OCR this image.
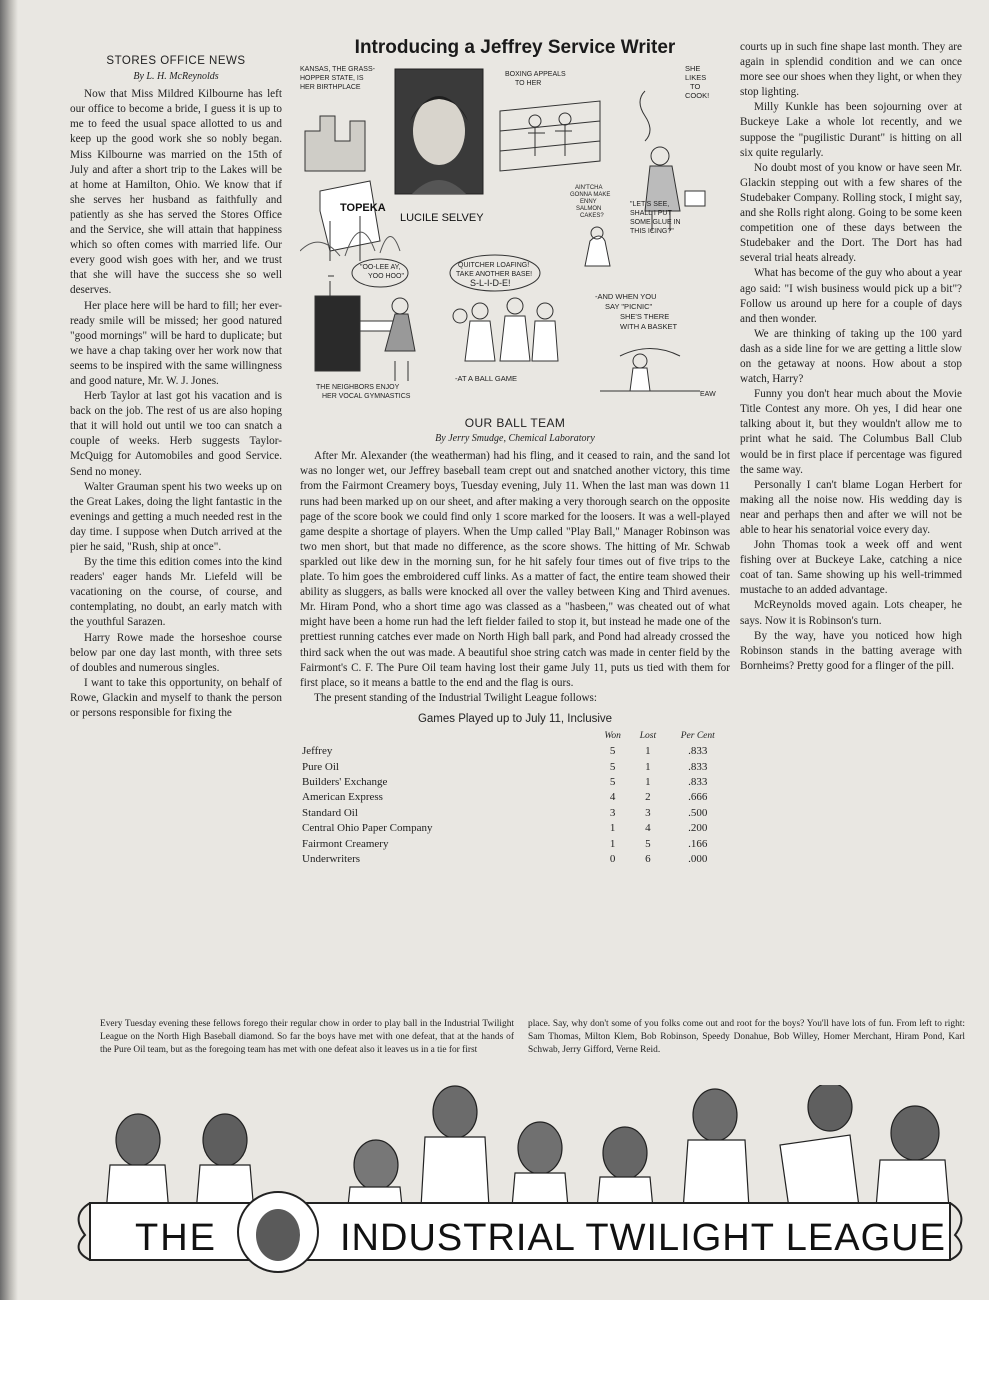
STORES OFFICE NEWS
By L. H. McReynolds

Now that Miss Mildred Kilbourne has left our office to become a bride, I guess it is up to me to feed the usual space allotted to us and keep up the good work she so nobly began. Miss Kilbourne was married on the 15th of July and after a short trip to the Lakes will be at home at Hamilton, Ohio. We know that if she serves her husband as faithfully and patiently as she has served the Stores Office and the Service, she will attain that happiness which so often comes with married life. Our every good wish goes with her, and we trust that she will have the success she so well deserves.

Her place here will be hard to fill; her ever-ready smile will be missed; her good natured "good mornings" will be hard to duplicate; but we have a chap taking over her work now that seems to be inspired with the same willingness and good nature, Mr. W. J. Jones.

Herb Taylor at last got his vacation and is back on the job. The rest of us are also hoping that it will hold out until we too can snatch a couple of weeks. Herb suggests Taylor-McQuigg for Automobiles and good Service. Send no money.

Walter Grauman spent his two weeks up on the Great Lakes, doing the light fantastic in the evenings and getting a much needed rest in the day time. I suppose when Dutch arrived at the pier he said, "Rush, ship at once".

By the time this edition comes into the kind readers' eager hands Mr. Liefeld will be vacationing on the course, of course, and contemplating, no doubt, an early match with the youthful Sarazen.

Harry Rowe made the horseshoe course below par one day last month, with three sets of doubles and numerous singles.

I want to take this opportunity, on behalf of Rowe, Glackin and myself to thank the person or persons responsible for fixing the

Introducing a Jeffrey Service Writer
TOPEKA
KANSAS, THE GRASS- HOPPER STATE, IS HER BIRTHPLACE
LUCILE SELVEY
BOXING APPEALS TO HER
SHE LIKES TO COOK!
AIN'TCHA GONNA MAKE ENNY SALMON CAKES?
"LET'S SEE, SHALL I PUT SOME GLUE IN THIS ICING?"
"OO-LEE AY, YOO HOO"
QUITCHER LOAFING! TAKE ANOTHER BASE! S-L-I-D-E!
-AT A BALL GAME
-AND WHEN YOU SAY "PICNIC" SHE'S THERE WITH A BASKET
THE NEIGHBORS ENJOY HER VOCAL GYMNASTICS	EAW
OUR BALL TEAM
By Jerry Smudge, Chemical Laboratory

After Mr. Alexander (the weatherman) had his fling, and it ceased to rain, and the sand lot was no longer wet, our Jeffrey baseball team crept out and snatched another victory, this time from the Fairmont Creamery boys, Tuesday evening, July 11. When the last man was down 11 runs had been marked up on our sheet, and after making a very thorough search on the opposite page of the score book we could find only 1 score marked for the loosers. It was a well-played game despite a shortage of players. When the Ump called "Play Ball," Manager Robinson was two men short, but that made no difference, as the score shows. The hitting of Mr. Schwab sparkled out like dew in the morning sun, for he hit safely four times out of five trips to the plate. To him goes the embroidered cuff links. As a matter of fact, the entire team showed their ability as sluggers, as balls were knocked all over the valley between King and Third avenues. Mr. Hiram Pond, who a short time ago was classed as a "hasbeen," was cheated out of what might have been a home run had the left fielder failed to stop it, but instead he made one of the prettiest running catches ever made on North High ball park, and Pond had already crossed the third sack when the out was made. A beautiful shoe string catch was made in center field by the Fairmont's C. F. The Pure Oil team having lost their game July 11, puts us tied with them for first place, so it means a battle to the end and the flag is ours.

The present standing of the Industrial Twilight League follows:

Games Played up to July 11, Inclusive
	Won	Lost	Per Cent
Jeffrey	5	1	.833
Pure Oil	5	1	.833
Builders' Exchange	5	1	.833
American Express	4	2	.666
Standard Oil	3	3	.500
Central Ohio Paper Company	1	4	.200
Fairmont Creamery	1	5	.166
Underwriters	0	6	.000

courts up in such fine shape last month. They are again in splendid condition and we can once more see our shoes when they light, or when they stop lighting.

Milly Kunkle has been sojourning over at Buckeye Lake a whole lot recently, and we suppose the "pugilistic Durant" is hitting on all six quite regularly.

No doubt most of you know or have seen Mr. Glackin stepping out with a few shares of the Studebaker Company. Rolling stock, I might say, and she Rolls right along. Going to be some keen competition one of these days between the Studebaker and the Dort. The Dort has had several trial heats already.

What has become of the guy who about a year ago said: "I wish business would pick up a bit"? Follow us around up here for a couple of days and then wonder.

We are thinking of taking up the 100 yard dash as a side line for we are getting a little slow on the getaway at noons. How about a stop watch, Harry?

Funny you don't hear much about the Movie Title Contest any more. Oh yes, I did hear one talking about it, but they wouldn't allow me to print what he said. The Columbus Ball Club would be in first place if percentage was figured the same way.

Personally I can't blame Logan Herbert for making all the noise now. His wedding day is near and perhaps then and after we will not be able to hear his senatorial voice every day.

John Thomas took a week off and went fishing over at Buckeye Lake, catching a nice coat of tan. Same showing up his well-trimmed mustache to an added advantage.

McReynolds moved again. Lots cheaper, he says. Now it is Robinson's turn.

By the way, have you noticed how high Robinson stands in the batting average with Bornheims? Pretty good for a flinger of the pill.

Every Tuesday evening these fellows forego their regular chow in order to play ball in the Industrial Twilight League on the North High Baseball diamond. So far the boys have met with one defeat, that at the hands of the Pure Oil team, but as the foregoing team has met with one defeat also it leaves us in a tie for first
place. Say, why don't some of you folks come out and root for the boys? You'll have lots of fun. From left to right: Sam Thomas, Milton Klem, Bob Robinson, Speedy Donahue, Bob Willey, Homer Merchant, Hiram Pond, Karl Schwab, Jerry Gifford, Verne Reid.
THE	INDUSTRIAL TWILIGHT LEAGUE
